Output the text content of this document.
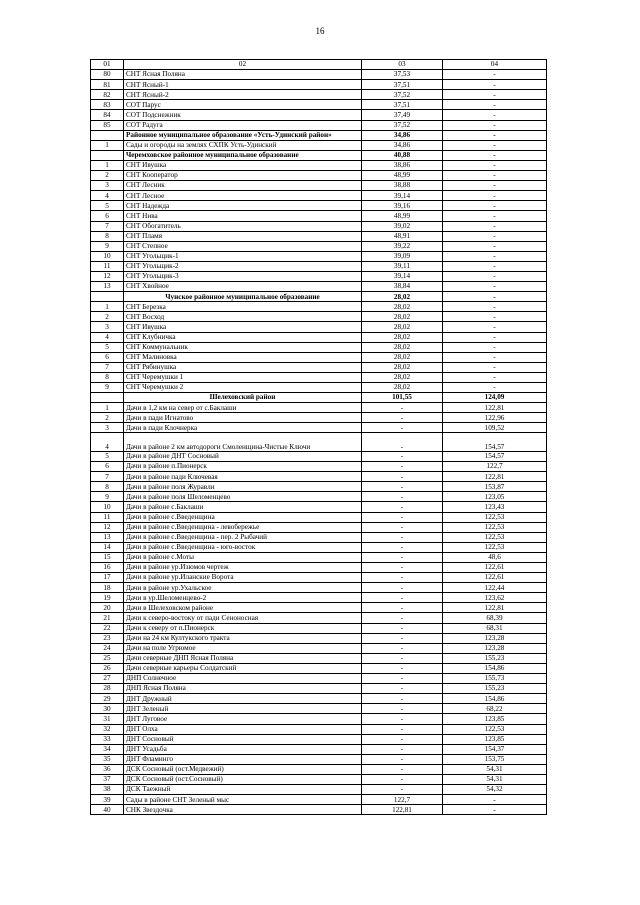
16
01	02	03	04
80	СНТ Ясная Поляна	37,53	-
81	СНТ Ясный-1	37,51	-
82	СНТ Ясный-2	37,52	-
83	СОТ Парус	37,51	-
84	СОТ Подснежник	37,49	-
85	СОТ Радуга	37,52	-
	Районное муниципальное образование «Усть-Удинский район»	34,86	-
1	Сады и огороды на землях СХПК Усть-Удинский	34,86	-
	Черемховское районное муниципальное образование	40,88	-
1	СНТ Ивушка	38,86	-
2	СНТ Кооператор	48,99	-
3	СНТ Лесник	38,88	-
4	СНТ Лесное	39,14	-
5	СНТ Надежда	39,16	-
6	СНТ Нива	48,99	-
7	СНТ Обогатитель	39,02	-
8	СНТ Пламя	48,91	-
9	СНТ Степное	39,22	-
10	СНТ Угольщик-1	39,09	-
11	СНТ Угольщик-2	39,11	-
12	СНТ Угольщик-3	39,14	-
13	СНТ Хвойное	38,84	-
	Чунское районное муниципальное образование	28,02	-
1	СНТ Березка	28,02	-
2	СНТ Восход	28,02	-
3	СНТ Ивушка	28,02	-
4	СНТ Клубничка	28,02	-
5	СНТ Коммунальник	28,02	-
6	СНТ Малиновка	28,02	-
7	СНТ Рябинушка	28,02	-
8	СНТ Черемушки 1	28,02	-
9	СНТ Черемушки 2	28,02	-
	Шелеховский район	101,55	124,09
1	Дачи в 1,2 км на север от с.Баклаши	-	122,81
2	Дачи в пади Игнатово	-	122,96
3	Дачи в пади Клочнерка	-	109,52
4	Дачи в районе 2 км автодороги Смоленщина-Чистые Ключи	-	154,57
5	Дачи в районе ДНТ Сосновый	-	154,57
6	Дачи в районе п.Пионерск	-	122,7
7	Дачи в районе пади Ключевая	-	122,81
8	Дачи в районе поля Журавли	-	153,87
9	Дачи в районе поля Шеломенцево	-	123,05
10	Дачи в районе с.Баклаши	-	123,43
11	Дачи в районе с.Введенщина	-	122,53
12	Дачи в районе с.Введенщина - левобережье	-	122,53
13	Дачи в районе с.Введенщина - пер. 2 Рыбачий	-	122,53
14	Дачи в районе с.Введенщина - юго-восток	-	122,53
15	Дачи в районе с.Моты	-	48,6
16	Дачи в районе ур.Изюмов чертеж	-	122,61
17	Дачи в районе ур.Иланские Ворота	-	122,61
18	Дачи в районе ур.Ухальское	-	122,44
19	Дачи в ур.Шеломенцево-2	-	123,62
20	Дачи в Шелеховском районе	-	122,81
21	Дачи к северо-востоку от пади Сеноносная	-	68,39
22	Дачи к северу от п.Пионерск	-	68,31
23	Дачи на 24 км Култукского тракта	-	123,28
24	Дачи на поле Угрюмое	-	123,28
25	Дачи северные ДНП Ясная Поляна	-	155,23
26	Дачи северные карьеры Солдатский	-	154,86
27	ДНП Солнечное	-	155,73
28	ДНП Ясная Поляна	-	155,23
29	ДНТ Дружный	-	154,86
30	ДНТ Зеленый	-	68,22
31	ДНТ Луговое	-	123,85
32	ДНТ Олха	-	122,53
33	ДНТ Сосновый	-	123,85
34	ДНТ Усадьба	-	154,37
35	ДНТ Фламинго	-	153,75
36	ДСК Сосновый (ост.Медвежий)	-	54,31
37	ДСК Сосновый (ост.Сосновый)	-	54,31
38	ДСК Таежный	-	54,32
39	Сады в районе СНТ Зеленый мыс	122,7	-
40	СНК Звездочка	122,81	-
